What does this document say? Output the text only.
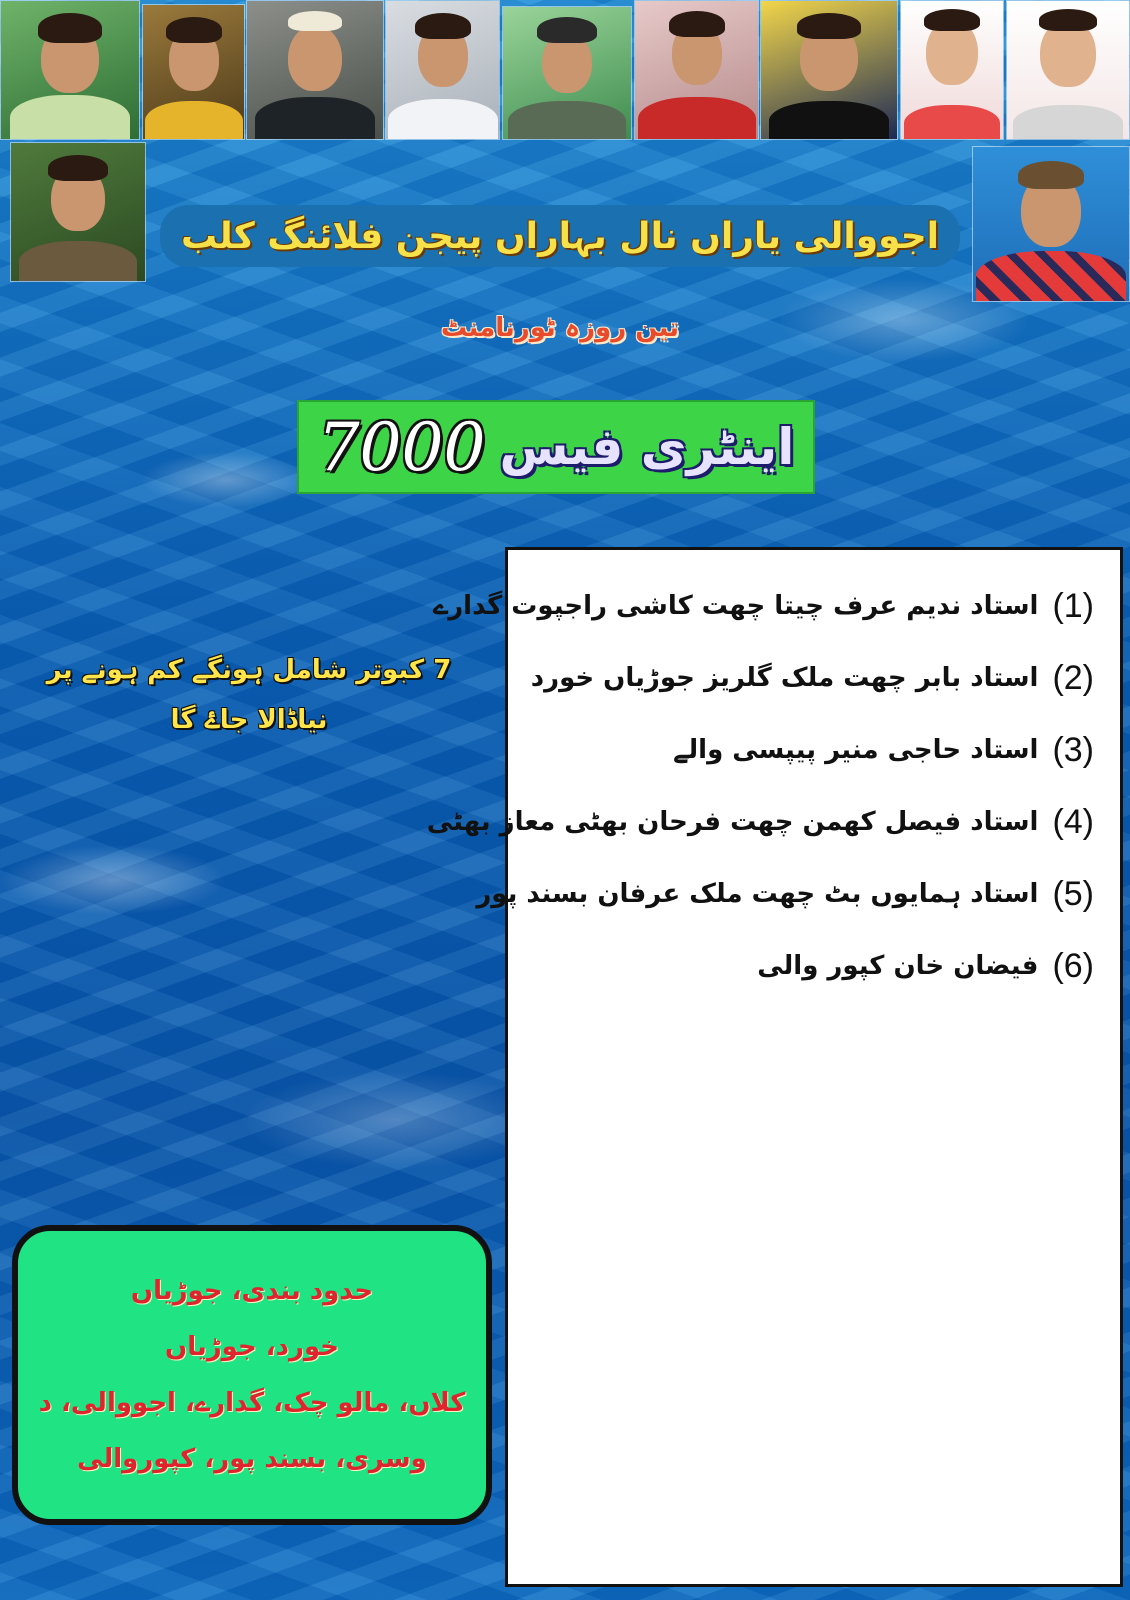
اجووالی یاراں نال بہاراں پیجن فلائنگ کلب
تین روزہ ٹورنامنٹ
اینٹری فیس
7000
(1)
استاد ندیم عرف چیتا چھت کاشی راجپوت گدارے
(2)
استاد بابر چھت ملک گلریز جوڑیاں خورد
(3)
استاد حاجی منیر پیپسی والے
(4)
استاد فیصل کھمن چھت فرحان بھٹی معاز بھٹی
(5)
استاد ہمایوں بٹ چھت ملک عرفان بسند پور
(6)
فیضان خان کپور والی
7 کبوتر شامل ہونگے کم ہونے پر
نیاڈالا جاۓ گا
حدود بندی، جوڑیاں
خورد، جوڑیاں
کلاں، مالو چک، گدارے، اجووالی، د
وسری، بسند پور، کپوروالی
Imagitor
